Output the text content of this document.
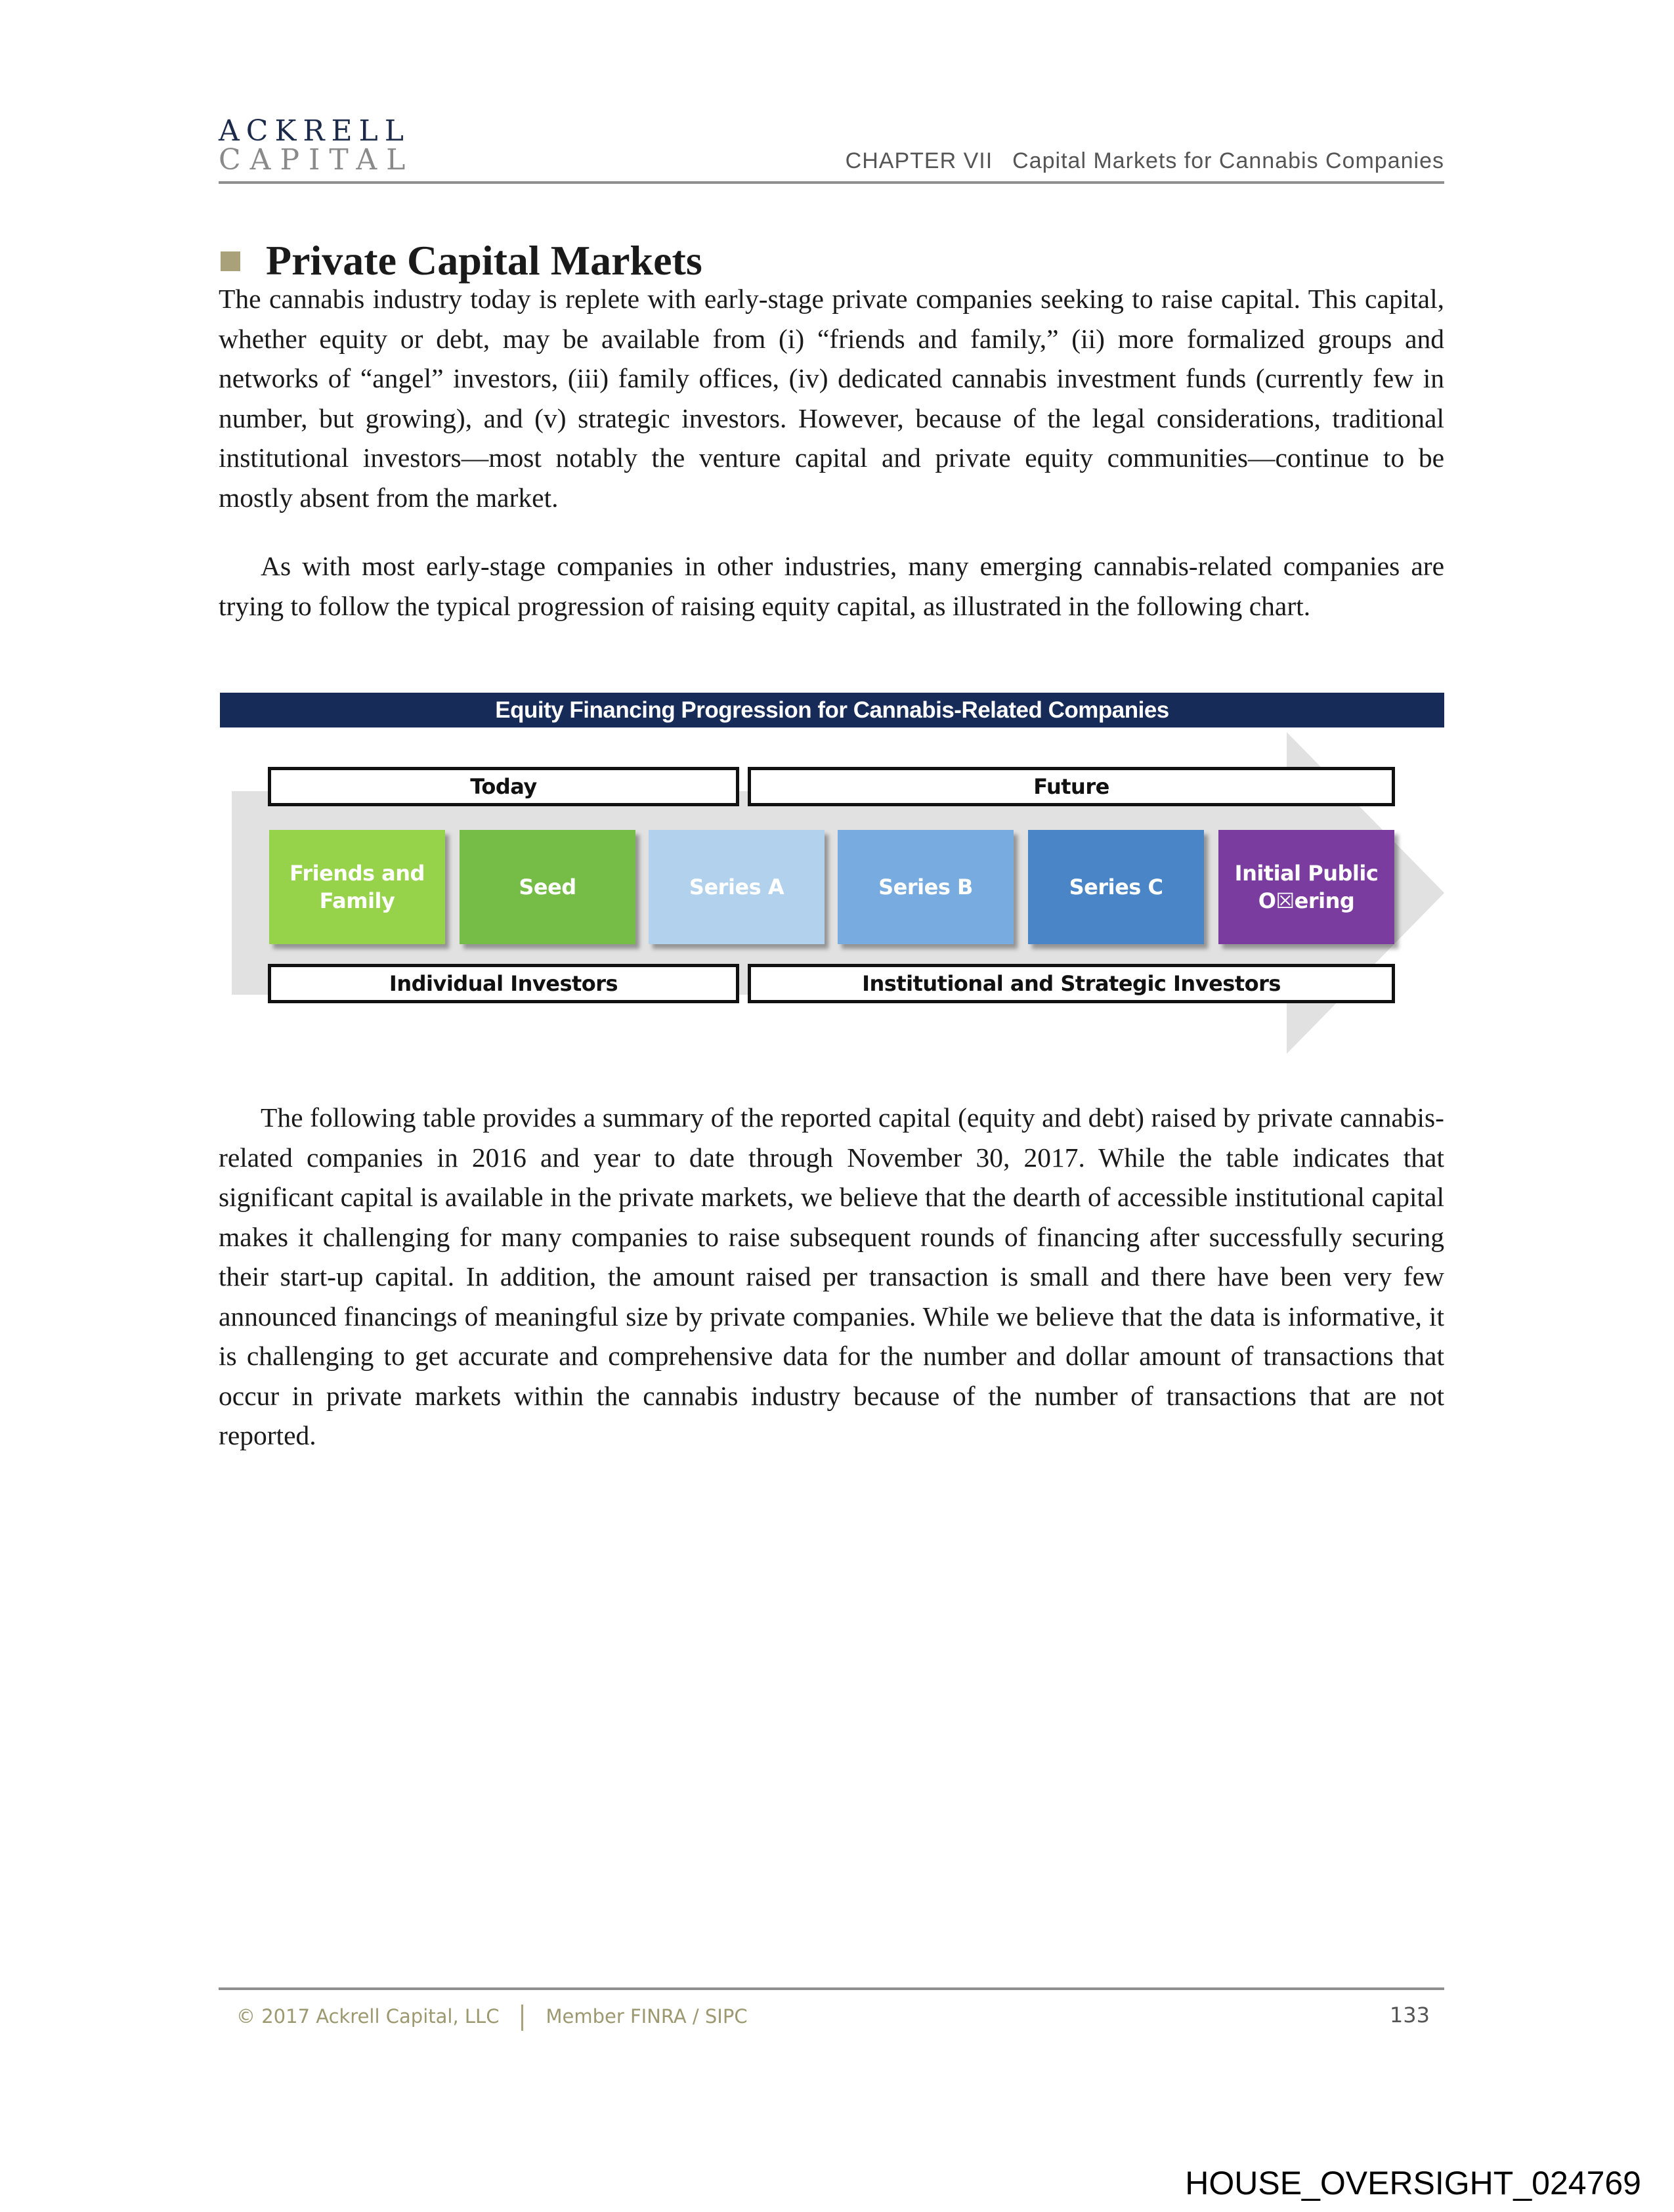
ACKRELL
CAPITAL	CHAPTER VII Capital Markets for Cannabis Companies
Private Capital Markets

The cannabis industry today is replete with early-stage private companies seeking to raise capital. This capital, whether equity or debt, may be available from (i) “friends and family,” (ii) more formalized groups and networks of “angel” investors, (iii) family offices, (iv) dedicated cannabis investment funds (currently few in number, but growing), and (v) strategic investors. However, because of the legal considerations, traditional institutional investors—most notably the venture capital and private equity communities—continue to be mostly absent from the market.

As with most early-stage companies in other industries, many emerging cannabis-related companies are trying to follow the typical progression of raising equity capital, as illustrated in the following chart.

Equity Financing Progression for Cannabis-Related Companies
Today	Future
Friends and Family
Seed	Series A	Series B	Series C
Initial Public O☒ering
Individual Investors	Institutional and Strategic Investors

The following table provides a summary of the reported capital (equity and debt) raised by private cannabis-related companies in 2016 and year to date through November 30, 2017. While the table indicates that significant capital is available in the private markets, we believe that the dearth of accessible institutional capital makes it challenging for many companies to raise subsequent rounds of financing after successfully securing their start-up capital. In addition, the amount raised per transaction is small and there have been very few announced financings of meaningful size by private companies. While we believe that the data is informative, it is challenging to get accurate and comprehensive data for the number and dollar amount of transactions that occur in private markets within the cannabis industry because of the number of transactions that are not reported.

© 2017 Ackrell Capital, LLC Member FINRA / SIPC	133
HOUSE_OVERSIGHT_024769
